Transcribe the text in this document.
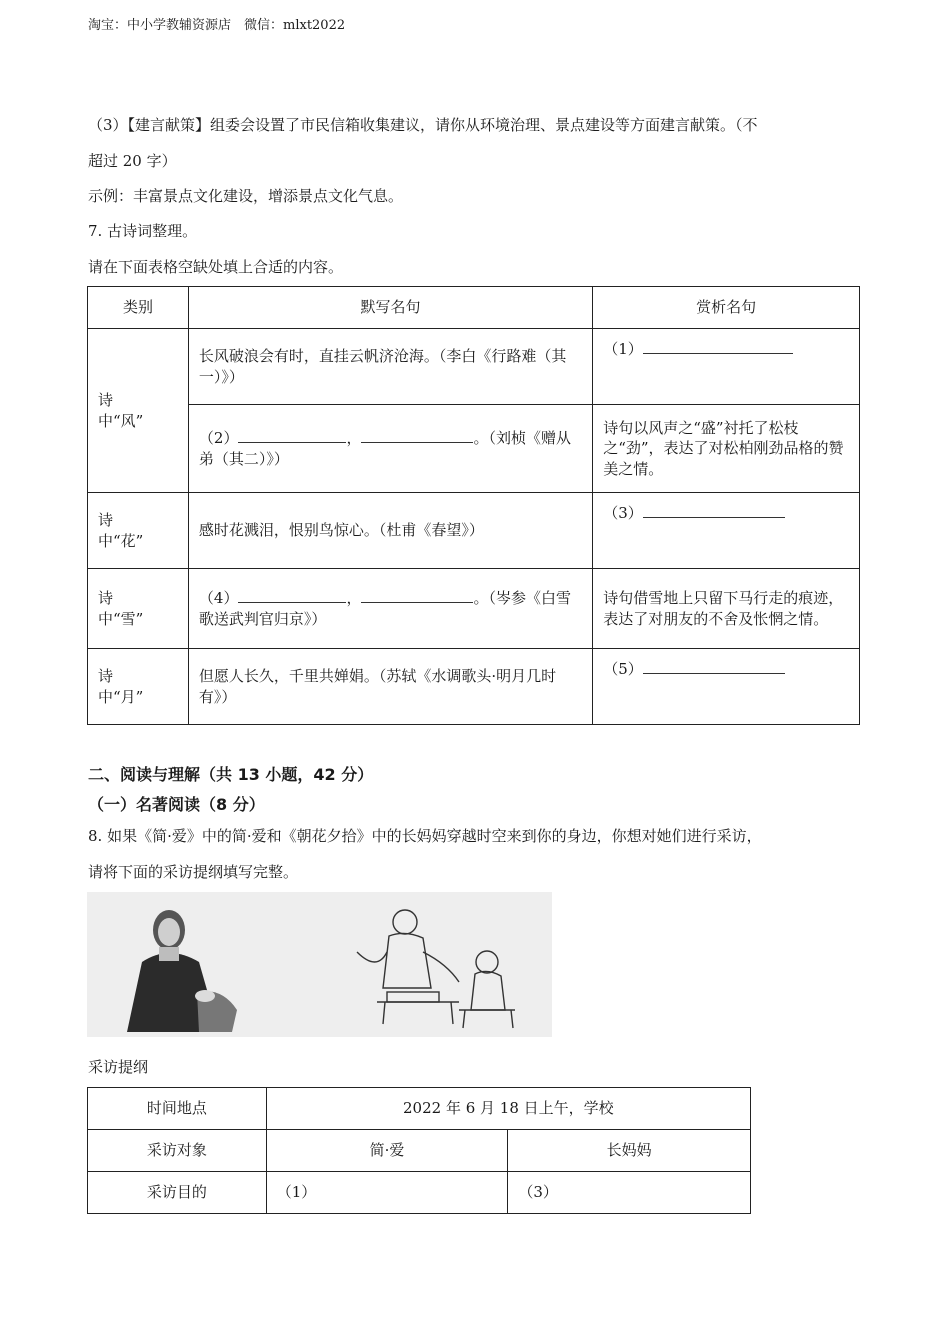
淘宝：中小学教辅资源店　微信：mlxt2022
（3）【建言献策】组委会设置了市民信箱收集建议，请你从环境治理、景点建设等方面建言献策。（不
超过 20 字）
示例：丰富景点文化建设，增添景点文化气息。
7. 古诗词整理。
请在下面表格空缺处填上合适的内容。
类别	默写名句	赏析名句
诗
中“风”	长风破浪会有时，直挂云帆济沧海。（李白《行路难（其一）》）	（1）
	（2） ， 。（刘桢《赠从弟（其二）》）	诗句以风声之“盛”衬托了松枝之“劲”，表达了对松柏刚劲品格的赞美之情。
诗
中“花”	感时花溅泪，恨别鸟惊心。（杜甫《春望》）	（3）
诗
中“雪”	（4） ， 。（岑参《白雪歌送武判官归京》）	诗句借雪地上只留下马行走的痕迹，表达了对朋友的不舍及怅惘之情。
诗
中“月”	但愿人长久，千里共婵娟。（苏轼《水调歌头·明月几时有》）	（5）
二、阅读与理解（共 13 小题，42 分）
（一）名著阅读（8 分）
8. 如果《简·爱》中的简·爱和《朝花夕拾》中的长妈妈穿越时空来到你的身边，你想对她们进行采访，
请将下面的采访提纲填写完整。
采访提纲
时间地点	2022 年 6 月 18 日上午，学校	
采访对象	简·爱	长妈妈
采访目的	（1）	（3）
